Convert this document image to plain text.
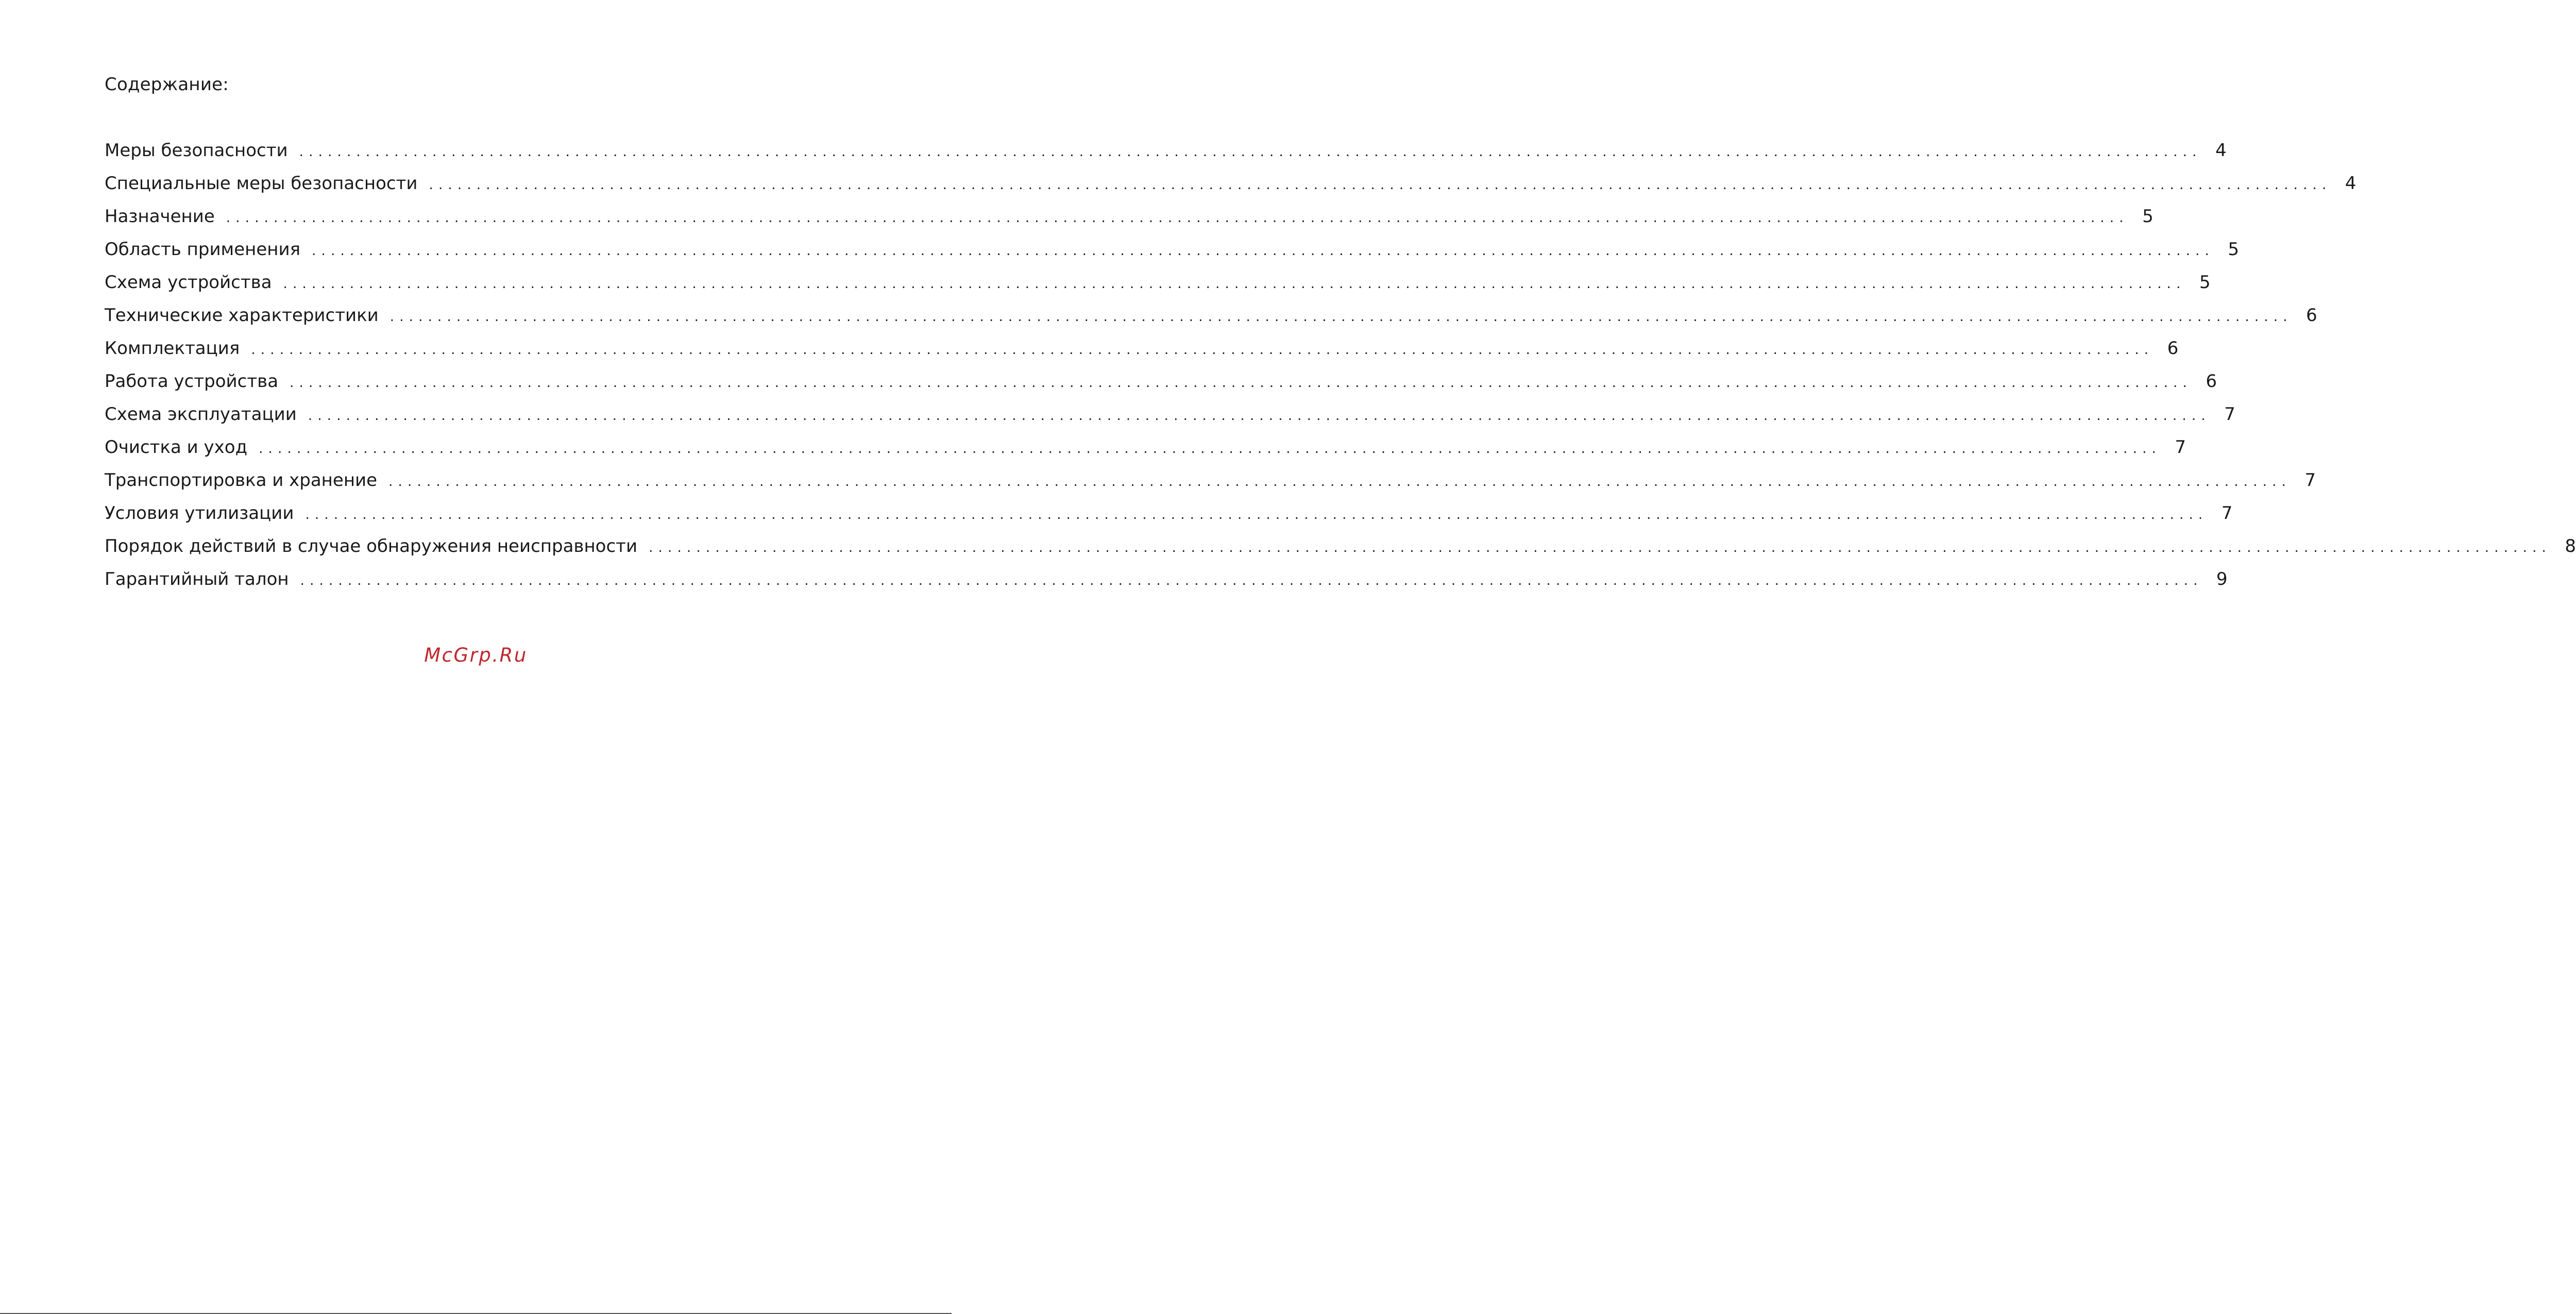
Содержание:
Меры безопасности ........................................................................................................................................................................................................ 4
Специальные меры безопасности ........................................................................................................................................................................................................ 4
Назначение ........................................................................................................................................................................................................ 5
Область применения ........................................................................................................................................................................................................ 5
Схема устройства ........................................................................................................................................................................................................ 5
Технические характеристики ........................................................................................................................................................................................................ 6
Комплектация ........................................................................................................................................................................................................ 6
Работа устройства ........................................................................................................................................................................................................ 6
Схема эксплуатации ........................................................................................................................................................................................................ 7
Очистка и уход ........................................................................................................................................................................................................ 7
Транспортировка и хранение ........................................................................................................................................................................................................ 7
Условия утилизации ........................................................................................................................................................................................................ 7
Порядок действий в случае обнаружения неисправности ........................................................................................................................................................................................................ 8
Гарантийный талон ........................................................................................................................................................................................................ 9
McGrp.Ru
